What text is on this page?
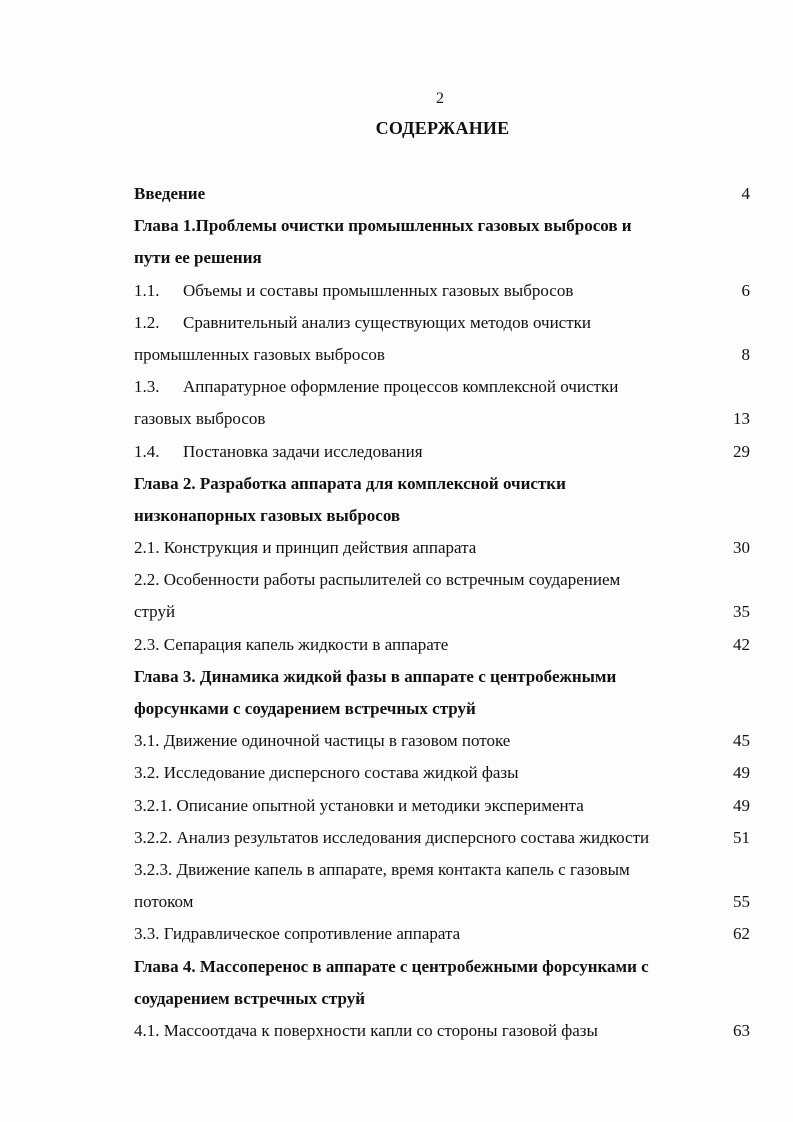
2
СОДЕРЖАНИЕ
Введение	4
Глава 1.Проблемы очистки промышленных газовых выбросов и
пути ее решения
1.1. Объемы и составы промышленных газовых выбросов	6
1.2. Сравнительный анализ существующих методов очистки
промышленных газовых выбросов	8
1.3. Аппаратурное оформление процессов комплексной очистки
газовых выбросов	13
1.4. Постановка задачи исследования	29
Глава 2. Разработка аппарата для комплексной очистки
низконапорных газовых выбросов
2.1. Конструкция и принцип действия аппарата	30
2.2. Особенности работы распылителей со встречным соударением
струй	35
2.3. Сепарация капель жидкости в аппарате	42
Глава 3. Динамика жидкой фазы в аппарате с центробежными
форсунками с соударением встречных струй
3.1. Движение одиночной частицы в газовом потоке	45
3.2. Исследование дисперсного состава жидкой фазы	49
3.2.1. Описание опытной установки и методики эксперимента	49
3.2.2. Анализ результатов исследования дисперсного состава жидкости	51
3.2.3. Движение капель в аппарате, время контакта капель с газовым
потоком	55
3.3. Гидравлическое сопротивление аппарата	62
Глава 4. Массоперенос в аппарате с центробежными форсунками с
соударением встречных струй
4.1. Массоотдача к поверхности капли со стороны газовой фазы	63
